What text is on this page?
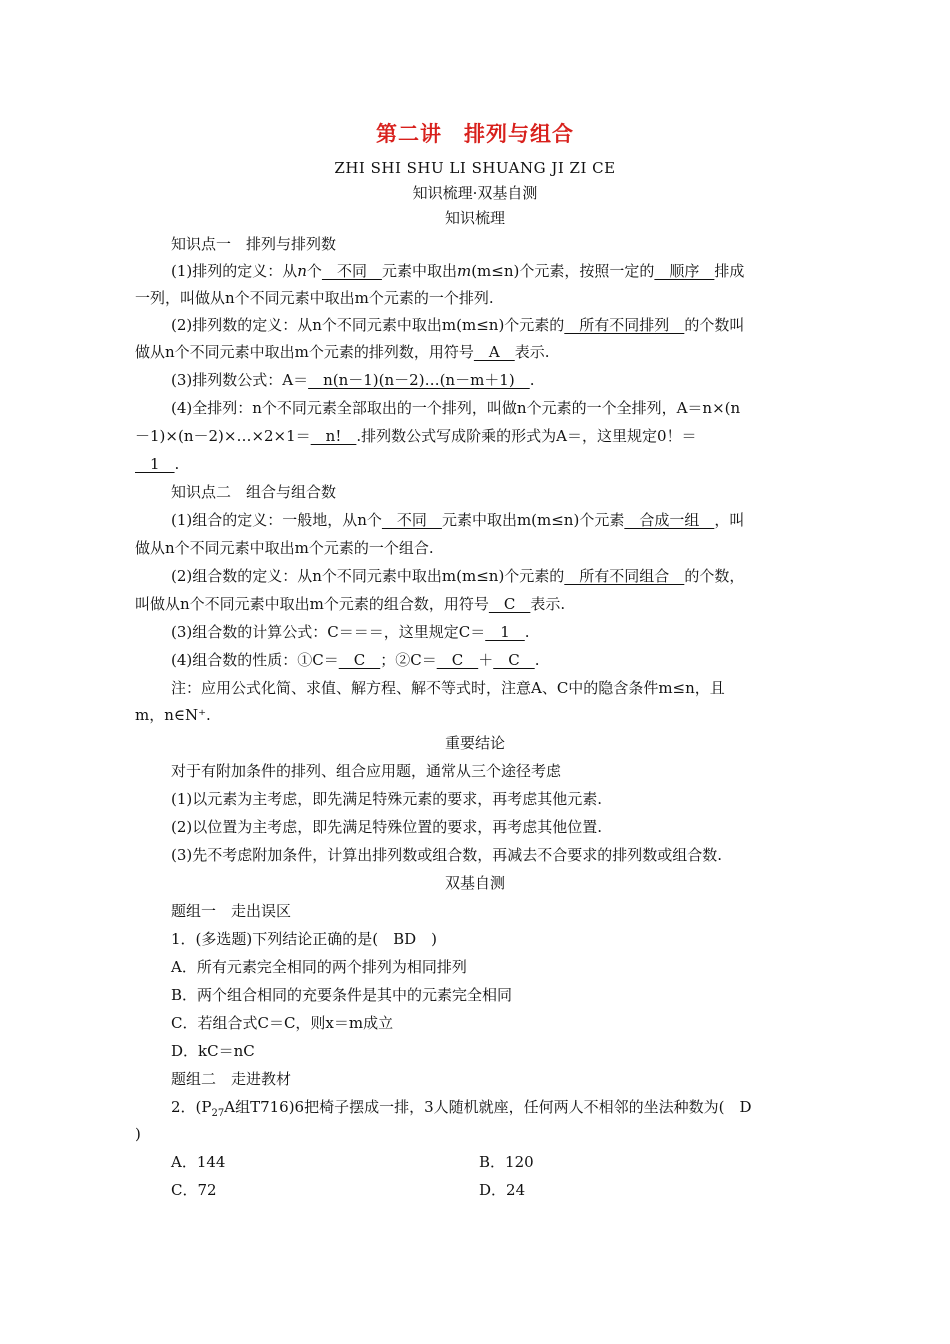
第二讲　排列与组合
ZHI SHI SHU LI SHUANG JI ZI CE
知识梳理·双基自测
知识梳理
知识点一　排列与排列数
(1)排列的定义：从n个　不同　元素中取出m(m≤n)个元素，按照一定的　顺序　排成
一列，叫做从n个不同元素中取出m个元素的一个排列.
(2)排列数的定义：从n个不同元素中取出m(m≤n)个元素的　所有不同排列　的个数叫
做从n个不同元素中取出m个元素的排列数，用符号　A　表示.
(3)排列数公式：A＝　n(n－1)(n－2)…(n－m＋1)　.
(4)全排列：n个不同元素全部取出的一个排列，叫做n个元素的一个全排列，A＝n×(n
－1)×(n－2)×…×2×1＝　n!　.排列数公式写成阶乘的形式为A＝，这里规定0！＝
　1　.
知识点二　组合与组合数
(1)组合的定义：一般地，从n个　不同　元素中取出m(m≤n)个元素　合成一组　，叫
做从n个不同元素中取出m个元素的一个组合.
(2)组合数的定义：从n个不同元素中取出m(m≤n)个元素的　所有不同组合　的个数，
叫做从n个不同元素中取出m个元素的组合数，用符号　C　表示.
(3)组合数的计算公式：C＝＝＝，这里规定C＝　1　.
(4)组合数的性质：①C＝　C　；②C＝　C　＋　C　.
注：应用公式化简、求值、解方程、解不等式时，注意A、C中的隐含条件m≤n，且
m，n∈N⁺.
重要结论
对于有附加条件的排列、组合应用题，通常从三个途径考虑
(1)以元素为主考虑，即先满足特殊元素的要求，再考虑其他元素.
(2)以位置为主考虑，即先满足特殊位置的要求，再考虑其他位置.
(3)先不考虑附加条件，计算出排列数或组合数，再减去不合要求的排列数或组合数.
双基自测
题组一　走出误区
1．(多选题)下列结论正确的是(　BD　)
A．所有元素完全相同的两个排列为相同排列
B．两个组合相同的充要条件是其中的元素完全相同
C．若组合式C＝C，则x＝m成立
D．kC＝nC
题组二　走进教材
2．($P_{27}A$组T716)6把椅子摆成一排，3人随机就座，任何两人不相邻的坐法种数为(　D
)
A．144	B．120
C．72	D．24
